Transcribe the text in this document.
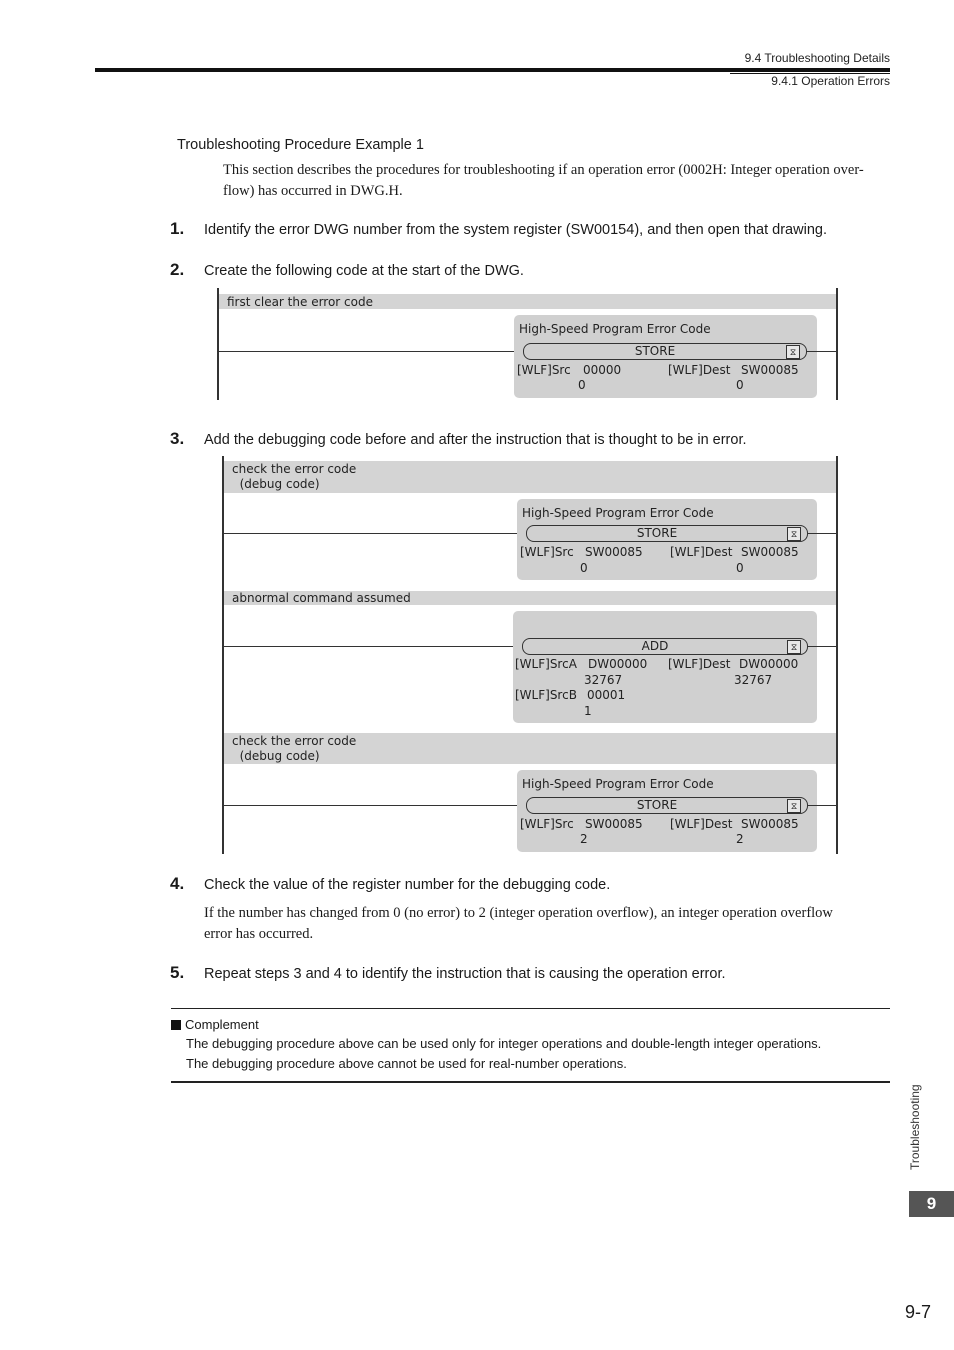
9.4 Troubleshooting Details
9.4.1 Operation Errors
Troubleshooting Procedure Example 1
This section describes the procedures for troubleshooting if an operation error (0002H: Integer operation over-
flow) has occurred in DWG.H.
1. Identify the error DWG number from the system register (SW00154), and then open that drawing.
2. Create the following code at the start of the DWG.
first clear the error code
High-Speed Program Error Code
STORE	⧖
[WLF]Src 00000
0
[WLF]Dest SW00085
0
3. Add the debugging code before and after the instruction that is thought to be in error.
check the error code
(debug code)
High-Speed Program Error Code
STORE	⧖
[WLF]Src SW00085
0
[WLF]Dest SW00085
0
abnormal command assumed
ADD	⧖
[WLF]SrcA DW00000
32767
[WLF]Dest DW00000
32767
[WLF]SrcB 00001
1
check the error code
(debug code)
High-Speed Program Error Code
STORE	⧖
[WLF]Src SW00085
2
[WLF]Dest SW00085
2
4. Check the value of the register number for the debugging code.
If the number has changed from 0 (no error) to 2 (integer operation overflow), an integer operation overflow
error has occurred.
5. Repeat steps 3 and 4 to identify the instruction that is causing the operation error.
Complement
The debugging procedure above can be used only for integer operations and double-length integer operations.
The debugging procedure above cannot be used for real-number operations.
Troubleshooting
9
9-7
